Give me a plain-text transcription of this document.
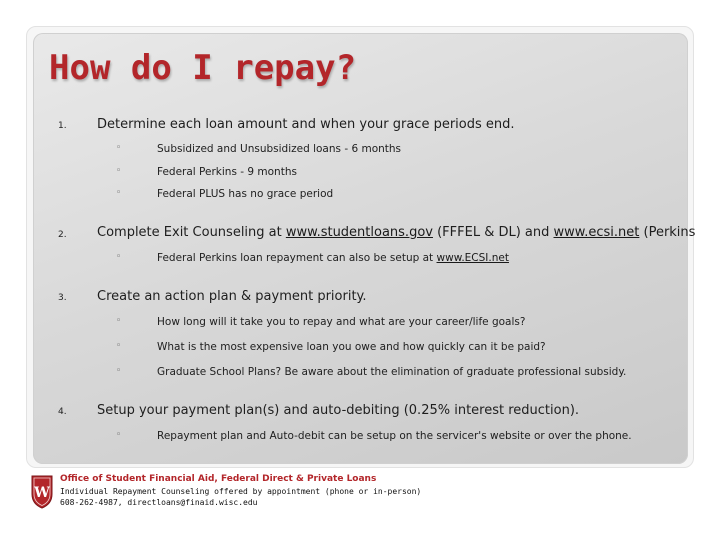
How do I repay?
1. Determine each loan amount and when your grace periods end.
◦	Subsidized and Unsubsidized loans - 6 months
◦	Federal Perkins - 9 months
◦	Federal PLUS has no grace period
2. Complete Exit Counseling at www.studentloans.gov (FFFEL & DL) and www.ecsi.net (Perkins
◦	Federal Perkins loan repayment can also be setup at www.ECSI.net
3. Create an action plan & payment priority.
◦	How long will it take you to repay and what are your career/life goals?
◦	What is the most expensive loan you owe and how quickly can it be paid?
◦	Graduate School Plans? Be aware about the elimination of graduate professional subsidy.
4. Setup your payment plan(s) and auto-debiting (0.25% interest reduction).
◦	Repayment plan and Auto-debit can be setup on the servicer's website or over the phone.
W
Office of Student Financial Aid, Federal Direct & Private Loans
Individual Repayment Counseling offered by appointment (phone or in-person)
608-262-4987, directloans@finaid.wisc.edu
